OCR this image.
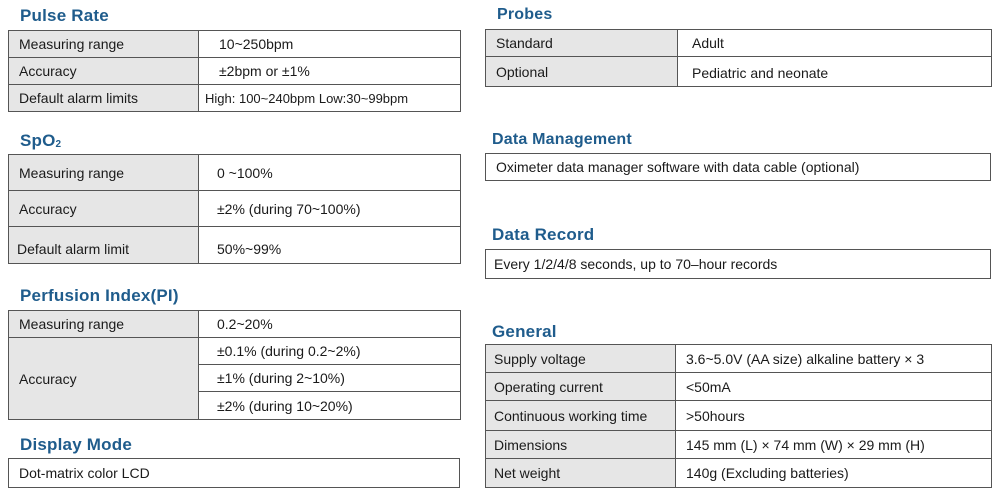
Pulse Rate
Measuring range	10~250bpm
Accuracy	±2bpm or ±1%
Default alarm limits	High: 100~240bpm Low:30~99bpm
SpO$_2$
Measuring range	0 ~100%
Accuracy	±2% (during 70~100%)
Default alarm limit	50%~99%
Perfusion Index(PI)
Measuring range	0.2~20%
Accuracy	±0.1% (during 0.2~2%)
	±1% (during 2~10%)
	±2% (during 10~20%)
Display Mode
Dot-matrix color LCD
Probes
Standard	Adult
Optional	Pediatric and neonate
Data Management
Oximeter data manager software with data cable (optional)
Data Record
Every 1/2/4/8 seconds, up to 70–hour records
General
Supply voltage	3.6~5.0V (AA size) alkaline battery × 3
Operating current	<50mA
Continuous working time	>50hours
Dimensions	145 mm (L) × 74 mm (W) × 29 mm (H)
Net weight	140g (Excluding batteries)
